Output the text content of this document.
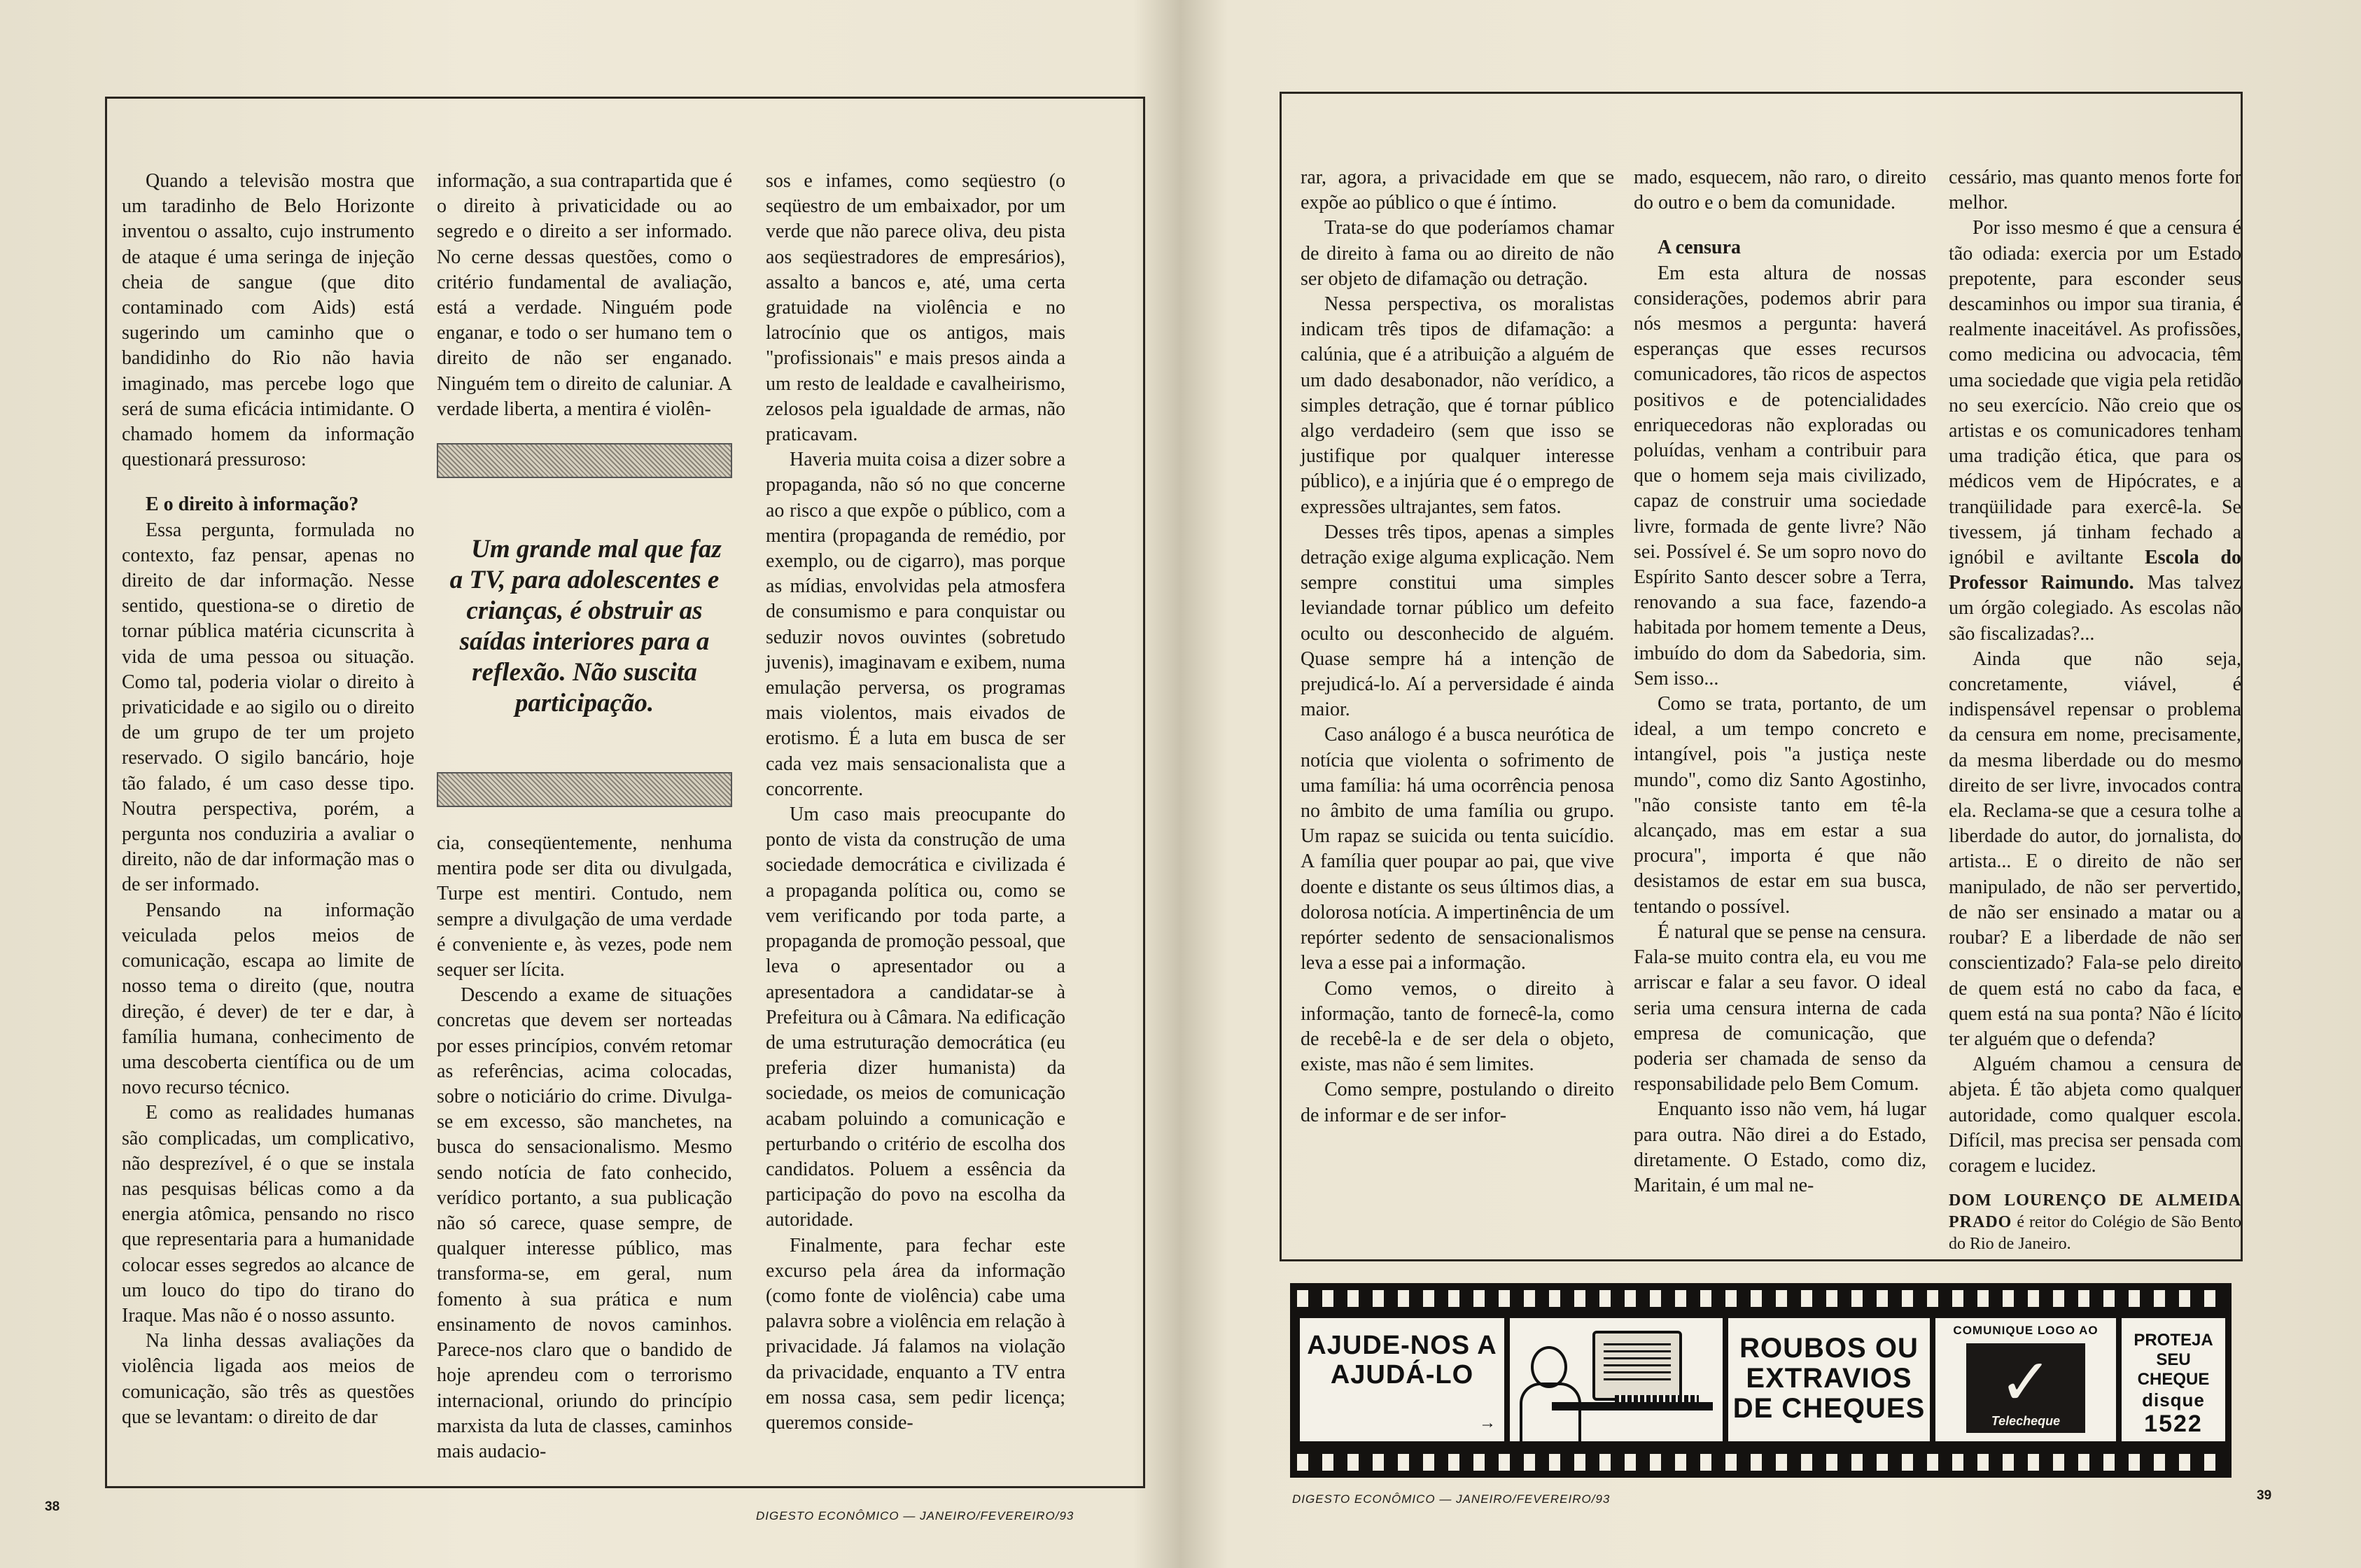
Quando a televisão mostra que um taradinho de Belo Horizonte inventou o assalto, cujo instrumento de ataque é uma seringa de injeção cheia de sangue (que dito contaminado com Aids) está sugerindo um caminho que o bandidinho do Rio não havia imaginado, mas percebe logo que será de suma eficácia intimidante. O chamado homem da informação questionará pressuroso:

E o direito à informação?

Essa pergunta, formulada no contexto, faz pensar, apenas no direito de dar informação. Nesse sentido, questiona-se o diretio de tornar pública matéria cicunscrita à vida de uma pessoa ou situação. Como tal, poderia violar o direito à privaticidade e ao sigilo ou o direito de um grupo de ter um projeto reservado. O sigilo bancário, hoje tão falado, é um caso desse tipo. Noutra perspectiva, porém, a pergunta nos conduziria a avaliar o direito, não de dar informação mas o de ser informado.

Pensando na informação veiculada pelos meios de comunicação, escapa ao limite de nosso tema o direito (que, noutra direção, é dever) de ter e dar, à família humana, conhecimento de uma descoberta científica ou de um novo recurso técnico.

E como as realidades humanas são complicadas, um complicativo, não desprezível, é o que se instala nas pesquisas bélicas como a da energia atômica, pensando no risco que representaria para a humanidade colocar esses segredos ao alcance de um louco do tipo do tirano do Iraque. Mas não é o nosso assunto.

Na linha dessas avaliações da violência ligada aos meios de comunicação, são três as questões que se levantam: o direito de dar

informação, a sua contrapartida que é o direito à privaticidade ou ao segredo e o direito a ser informado. No cerne dessas questões, como o critério fundamental de avaliação, está a verdade. Ninguém pode enganar, e todo o ser humano tem o direito de não ser enganado. Ninguém tem o direito de caluniar. A verdade liberta, a mentira é violên-

Um grande mal que faz a TV, para adolescentes e crianças, é obstruir as saídas interiores para a reflexão. Não suscita participação.

cia, conseqüentemente, nenhuma mentira pode ser dita ou divulgada, Turpe est mentiri. Contudo, nem sempre a divulgação de uma verdade é conveniente e, às vezes, pode nem sequer ser lícita.

Descendo a exame de situações concretas que devem ser norteadas por esses princípios, convém retomar as referências, acima colocadas, sobre o noticiário do crime. Divulga-se em excesso, são manchetes, na busca do sensacionalismo. Mesmo sendo notícia de fato conhecido, verídico portanto, a sua publicação não só carece, quase sempre, de qualquer interesse público, mas transforma-se, em geral, num fomento à sua prática e num ensinamento de novos caminhos. Parece-nos claro que o bandido de hoje aprendeu com o terrorismo internacional, oriundo do princípio marxista da luta de classes, caminhos mais audacio-

sos e infames, como seqüestro (o seqüestro de um embaixador, por um verde que não parece oliva, deu pista aos seqüestradores de empresários), assalto a bancos e, até, uma certa gratuidade na violência e no latrocínio que os antigos, mais "profissionais" e mais presos ainda a um resto de lealdade e cavalheirismo, zelosos pela igualdade de armas, não praticavam.

Haveria muita coisa a dizer sobre a propaganda, não só no que concerne ao risco a que expõe o público, com a mentira (propaganda de remédio, por exemplo, ou de cigarro), mas porque as mídias, envolvidas pela atmosfera de consumismo e para conquistar ou seduzir novos ouvintes (sobretudo juvenis), imaginavam e exibem, numa emulação perversa, os programas mais violentos, mais eivados de erotismo. É a luta em busca de ser cada vez mais sensacionalista que a concorrente.

Um caso mais preocupante do ponto de vista da construção de uma sociedade democrática e civilizada é a propaganda política ou, como se vem verificando por toda parte, a propaganda de promoção pessoal, que leva o apresentador ou a apresentadora a candidatar-se à Prefeitura ou à Câmara. Na edificação de uma estruturação democrática (eu preferia dizer humanista) da sociedade, os meios de comunicação acabam poluindo a comunicação e perturbando o critério de escolha dos candidatos. Poluem a essência da participação do povo na escolha da autoridade.

Finalmente, para fechar este excurso pela área da informação (como fonte de violência) cabe uma palavra sobre a violência em relação à privacidade. Já falamos na violação da privacidade, enquanto a TV entra em nossa casa, sem pedir licença; queremos conside-

38
DIGESTO ECONÔMICO — JANEIRO/FEVEREIRO/93

rar, agora, a privacidade em que se expõe ao público o que é íntimo.

Trata-se do que poderíamos chamar de direito à fama ou ao direito de não ser objeto de difamação ou detração.

Nessa perspectiva, os moralistas indicam três tipos de difamação: a calúnia, que é a atribuição a alguém de um dado desabonador, não verídico, a simples detração, que é tornar público algo verdadeiro (sem que isso se justifique por qualquer interesse público), e a injúria que é o emprego de expressões ultrajantes, sem fatos.

Desses três tipos, apenas a simples detração exige alguma explicação. Nem sempre constitui uma simples leviandade tornar público um defeito oculto ou desconhecido de alguém. Quase sempre há a intenção de prejudicá-lo. Aí a perversidade é ainda maior.

Caso análogo é a busca neurótica de notícia que violenta o sofrimento de uma família: há uma ocorrência penosa no âmbito de uma família ou grupo. Um rapaz se suicida ou tenta suicídio. A família quer poupar ao pai, que vive doente e distante os seus últimos dias, a dolorosa notícia. A impertinência de um repórter sedento de sensacionalismos leva a esse pai a informação.

Como vemos, o direito à informação, tanto de fornecê-la, como de recebê-la e de ser dela o objeto, existe, mas não é sem limites.

Como sempre, postulando o direito de informar e de ser infor-

mado, esquecem, não raro, o direito do outro e o bem da comunidade.

A censura

Em esta altura de nossas considerações, podemos abrir para nós mesmos a pergunta: haverá esperanças que esses recursos comunicadores, tão ricos de aspectos positivos e de potencialidades enriquecedoras não exploradas ou poluídas, venham a contribuir para que o homem seja mais civilizado, capaz de construir uma sociedade livre, formada de gente livre? Não sei. Possível é. Se um sopro novo do Espírito Santo descer sobre a Terra, renovando a sua face, fazendo-a habitada por homem temente a Deus, imbuído do dom da Sabedoria, sim. Sem isso...

Como se trata, portanto, de um ideal, a um tempo concreto e intangível, pois "a justiça neste mundo", como diz Santo Agostinho, "não consiste tanto em tê-la alcançado, mas em estar a sua procura", importa é que não desistamos de estar em sua busca, tentando o possível.

É natural que se pense na censura. Fala-se muito contra ela, eu vou me arriscar e falar a seu favor. O ideal seria uma censura interna de cada empresa de comunicação, que poderia ser chamada de senso da responsabilidade pelo Bem Comum.

Enquanto isso não vem, há lugar para outra. Não direi a do Estado, diretamente. O Estado, como diz, Maritain, é um mal ne-

cessário, mas quanto menos forte for melhor.

Por isso mesmo é que a censura é tão odiada: exercia por um Estado prepotente, para esconder seus descaminhos ou impor sua tirania, é realmente inaceitável. As profissões, como medicina ou advocacia, têm uma sociedade que vigia pela retidão no seu exercício. Não creio que os artistas e os comunicadores tenham uma tradição ética, que para os médicos vem de Hipócrates, e a tranqüilidade para exercê-la. Se tivessem, já tinham fechado a ignóbil e aviltante Escola do Professor Raimundo. Mas talvez um órgão colegiado. As escolas não são fiscalizadas?...

Ainda que não seja, concretamente, viável, é indispensável repensar o problema da censura em nome, precisamente, da mesma liberdade ou do mesmo direito de ser livre, invocados contra ela. Reclama-se que a cesura tolhe a liberdade do autor, do jornalista, do artista... E o direito de não ser manipulado, de não ser pervertido, de não ser ensinado a matar ou a roubar? E a liberdade de não ser conscientizado? Fala-se pelo direito de quem está no cabo da faca, e quem está na sua ponta? Não é lícito ter alguém que o defenda?

Alguém chamou a censura de abjeta. É tão abjeta como qualquer autoridade, como qualquer escola. Difícil, mas precisa ser pensada com coragem e lucidez.

DOM LOURENÇO DE ALMEIDA PRADO é reitor do Colégio de São Bento do Rio de Janeiro.

AJUDE-NOS A AJUDÁ-LO
→
ROUBOS OU EXTRAVIOS DE CHEQUES
COMUNIQUE LOGO AO
✓
Telecheque
PROTEJA SEU CHEQUE
disque
1522
DIGESTO ECONÔMICO — JANEIRO/FEVEREIRO/93	39
